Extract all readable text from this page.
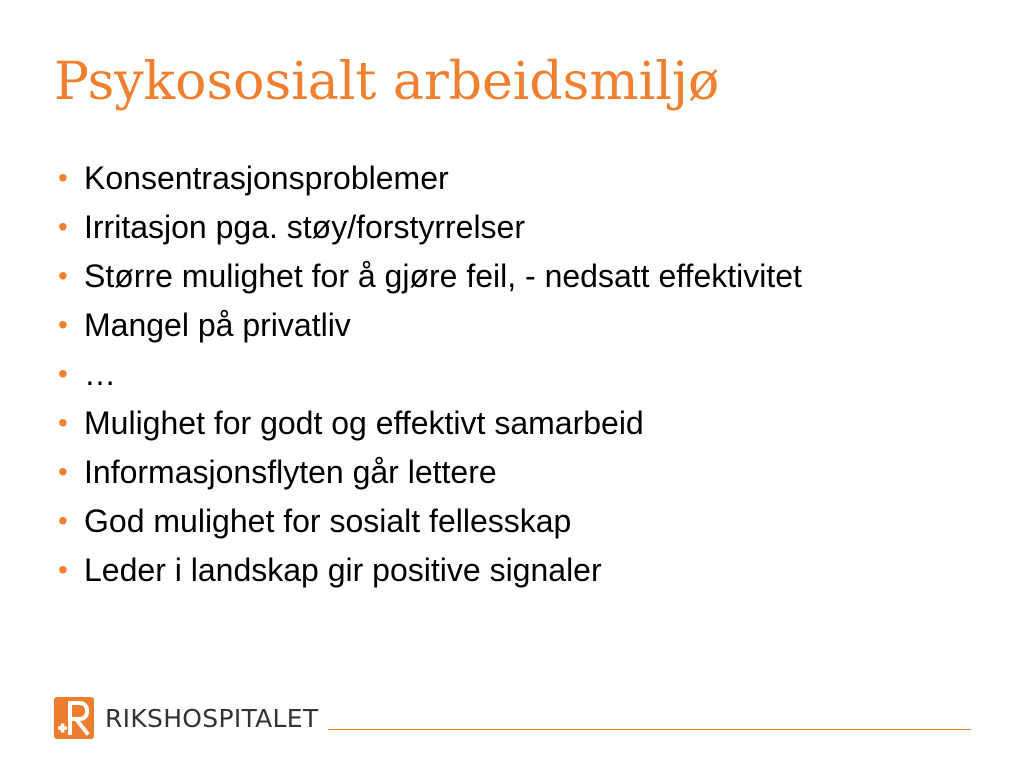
Psykososialt arbeidsmiljø
• Konsentrasjonsproblemer
• Irritasjon pga. støy/forstyrrelser
• Større mulighet for å gjøre feil, - nedsatt effektivitet
• Mangel på privatliv
• …
• Mulighet for godt og effektivt samarbeid
• Informasjonsflyten går lettere
• God mulighet for sosialt fellesskap
• Leder i landskap gir positive signaler
RIKSHOSPITALET
